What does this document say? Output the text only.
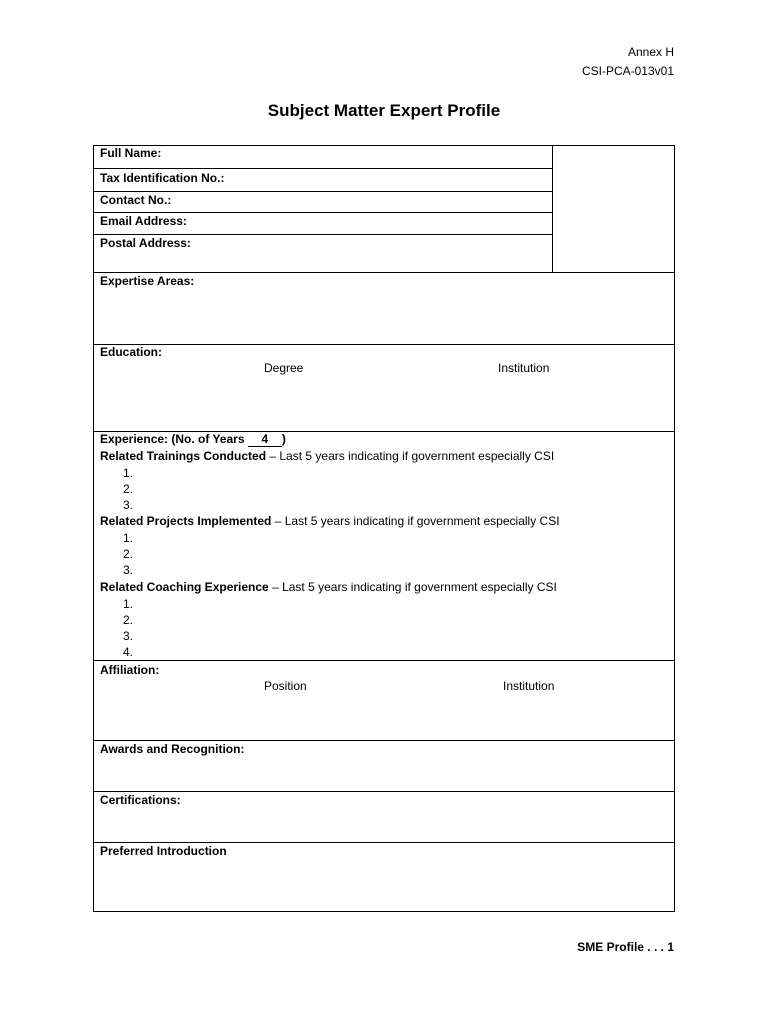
Annex H
CSI-PCA-013v01
Subject Matter Expert Profile
Full Name:
Tax Identification No.:
Contact No.:
Email Address:
Postal Address:
Expertise Areas:
Education:
Degree	Institution
Experience: (No. of Years 4 )
Related Trainings Conducted – Last 5 years indicating if government especially CSI
1.
2.
3.
Related Projects Implemented – Last 5 years indicating if government especially CSI
1.
2.
3.
Related Coaching Experience – Last 5 years indicating if government especially CSI
1.
2.
3.
4.
Affiliation:
Position	Institution
Awards and Recognition:
Certifications:
Preferred Introduction
SME Profile . . . 1
